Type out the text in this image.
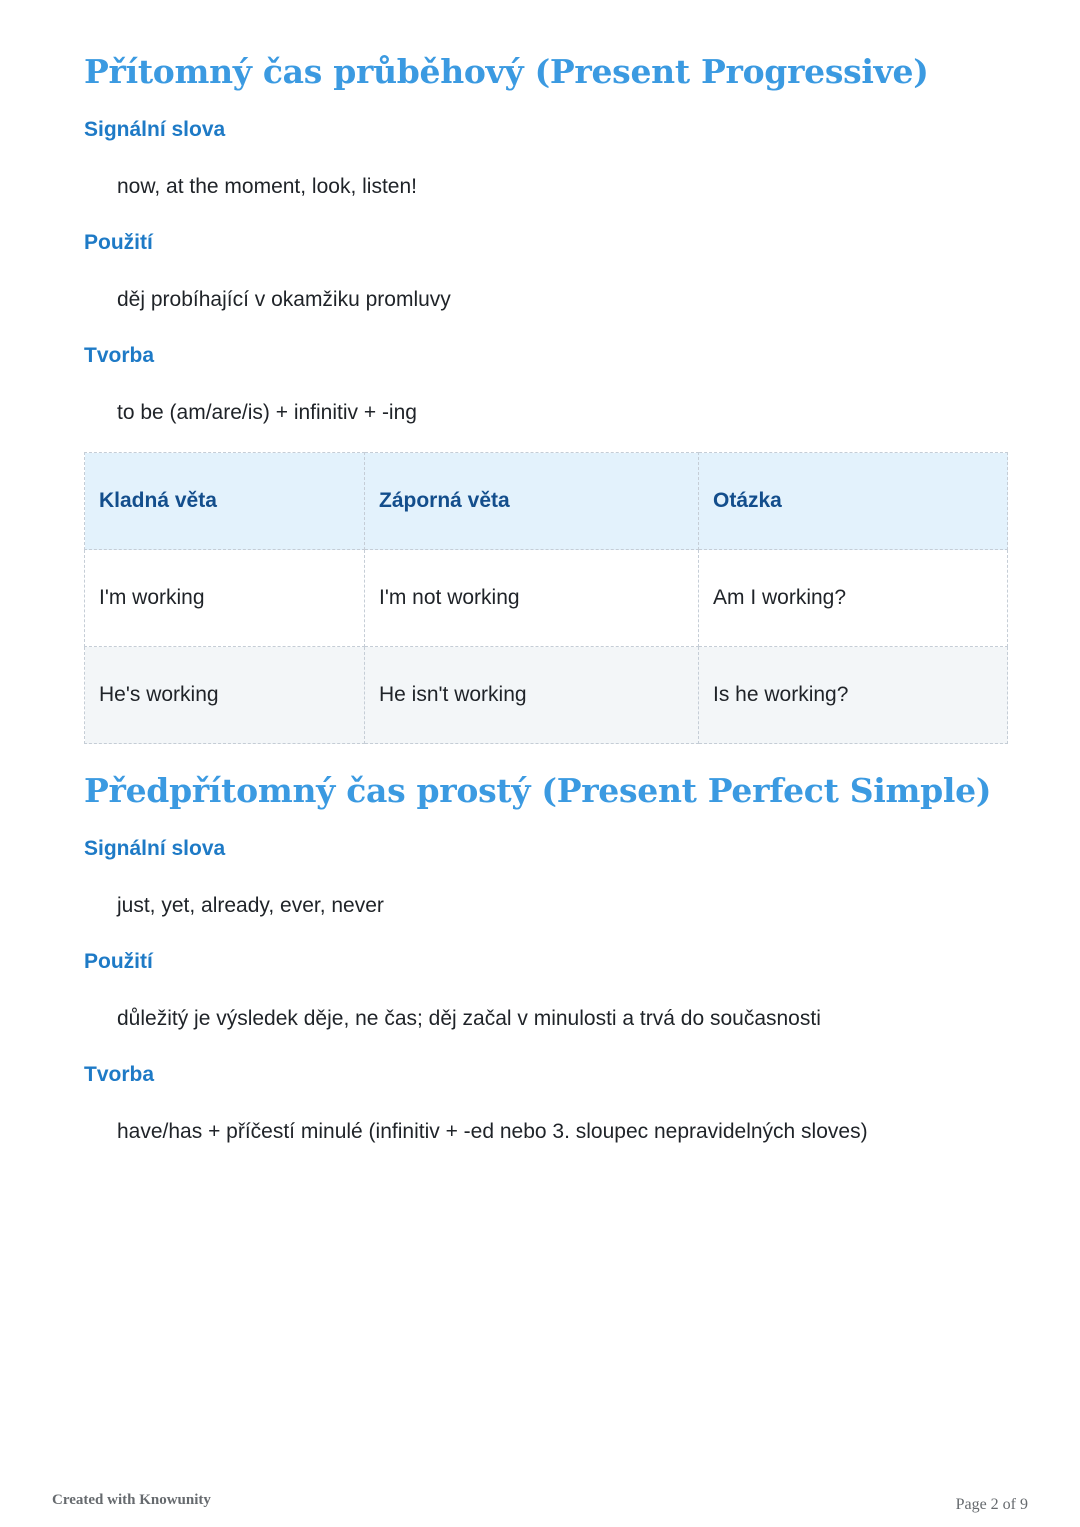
Přítomný čas průběhový (Present Progressive)

Signální slova

now, at the moment, look, listen!

Použití

děj probíhající v okamžiku promluvy

Tvorba

to be (am/are/is) + infinitiv + -ing

Kladná věta	Záporná věta	Otázka
I'm working	I'm not working	Am I working?
He's working	He isn't working	Is he working?
Předpřítomný čas prostý (Present Perfect Simple)

Signální slova

just, yet, already, ever, never

Použití

důležitý je výsledek děje, ne čas; děj začal v minulosti a trvá do současnosti

Tvorba

have/has + příčestí minulé (infinitiv + -ed nebo 3. sloupec nepravidelných sloves)

Created with Knowunity	Page 2 of 9
